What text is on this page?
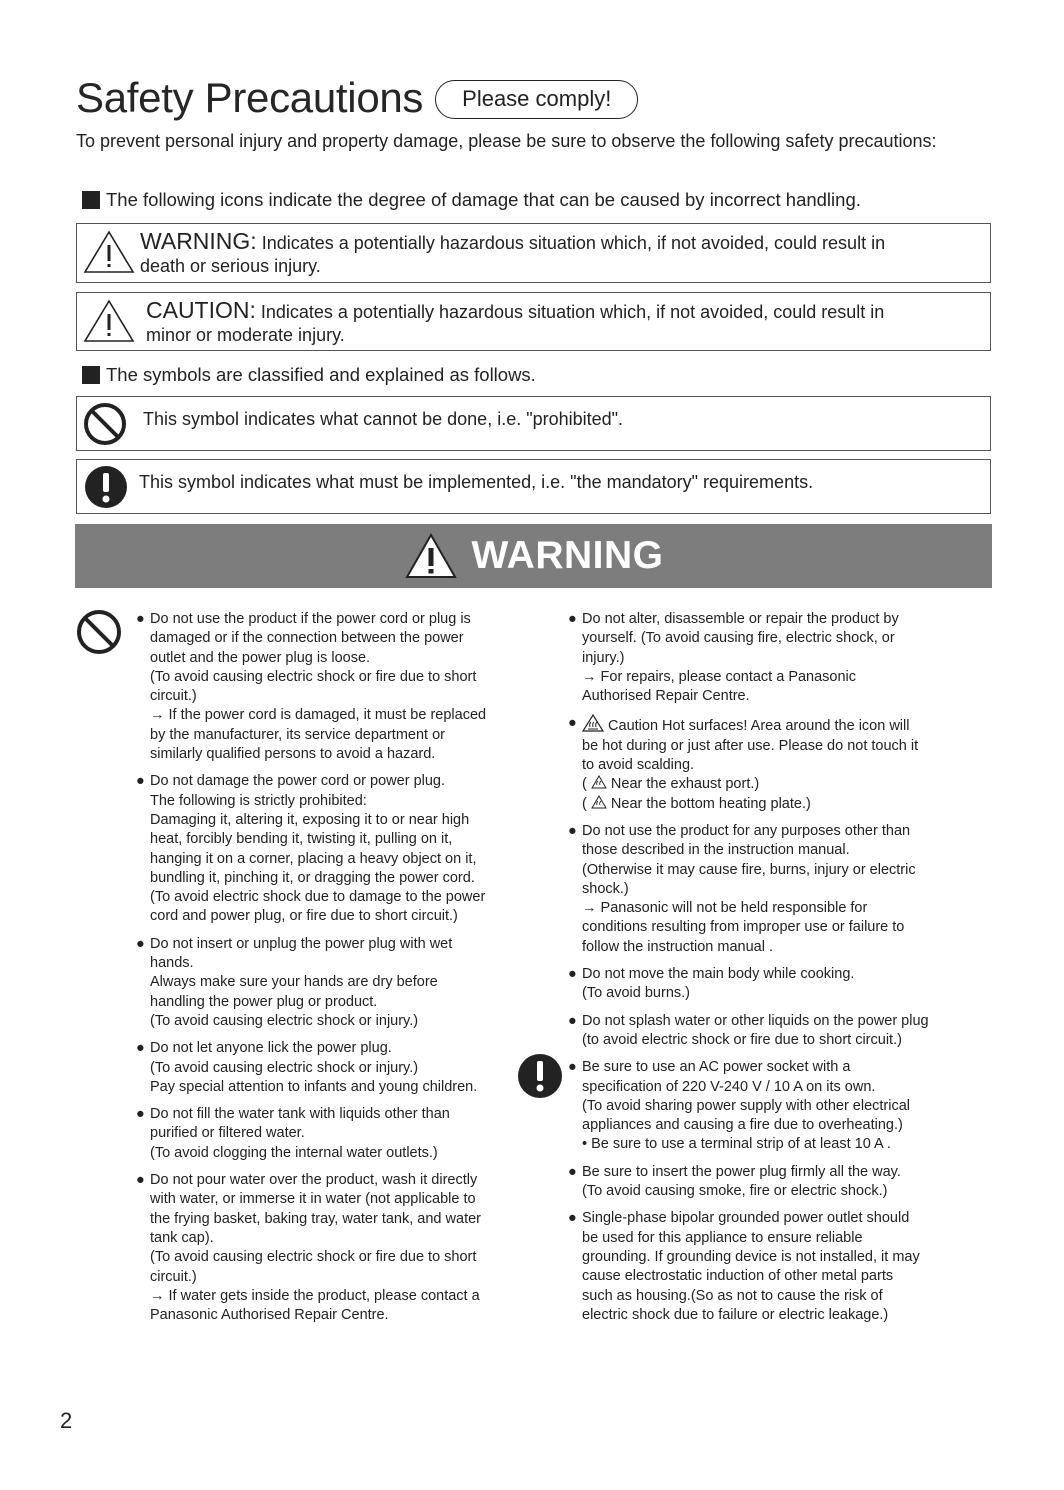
Safety Precautions	Please comply!
To prevent personal injury and property damage, please be sure to observe the following safety precautions:
The following icons indicate the degree of damage that can be caused by incorrect handling.
WARNING: Indicates a potentially hazardous situation which, if not avoided, could result in
death or serious injury.
CAUTION: Indicates a potentially hazardous situation which, if not avoided, could result in
minor or moderate injury.
The symbols are classified and explained as follows.
This symbol indicates what cannot be done, i.e. "prohibited".
This symbol indicates what must be implemented, i.e. "the mandatory" requirements.
WARNING
● Do not use the product if the power cord or plug is
damaged or if the connection between the power
outlet and the power plug is loose.
(To avoid causing electric shock or fire due to short
circuit.)
→ If the power cord is damaged, it must be replaced
by the manufacturer, its service department or
similarly qualified persons to avoid a hazard.
● Do not damage the power cord or power plug.
The following is strictly prohibited:
Damaging it, altering it, exposing it to or near high
heat, forcibly bending it, twisting it, pulling on it,
hanging it on a corner, placing a heavy object on it,
bundling it, pinching it, or dragging the power cord.
(To avoid electric shock due to damage to the power
cord and power plug, or fire due to short circuit.)
● Do not insert or unplug the power plug with wet
hands.
Always make sure your hands are dry before
handling the power plug or product.
(To avoid causing electric shock or injury.)
● Do not let anyone lick the power plug.
(To avoid causing electric shock or injury.)
Pay special attention to infants and young children.
● Do not fill the water tank with liquids other than
purified or filtered water.
(To avoid clogging the internal water outlets.)
● Do not pour water over the product, wash it directly
with water, or immerse it in water (not applicable to
the frying basket, baking tray, water tank, and water
tank cap).
(To avoid causing electric shock or fire due to short
circuit.)
→ If water gets inside the product, please contact a
Panasonic Authorised Repair Centre.
● Do not alter, disassemble or repair the product by
yourself. (To avoid causing fire, electric shock, or
injury.)
→ For repairs, please contact a Panasonic
Authorised Repair Centre.
●	Caution Hot surfaces! Area around the icon will
be hot during or just after use. Please do not touch it
to avoid scalding.
(  Near the exhaust port.)
(  Near the bottom heating plate.)
● Do not use the product for any purposes other than
those described in the instruction manual.
(Otherwise it may cause fire, burns, injury or electric
shock.)
→ Panasonic will not be held responsible for
conditions resulting from improper use or failure to
follow the instruction manual .
● Do not move the main body while cooking.
(To avoid burns.)
● Do not splash water or other liquids on the power plug
(to avoid electric shock or fire due to short circuit.)
● Be sure to use an AC power socket with a
specification of 220 V-240 V / 10 A on its own.
(To avoid sharing power supply with other electrical
appliances and causing a fire due to overheating.)
• Be sure to use a terminal strip of at least 10 A .
● Be sure to insert the power plug firmly all the way.
(To avoid causing smoke, fire or electric shock.)
● Single-phase bipolar grounded power outlet should
be used for this appliance to ensure reliable
grounding. If grounding device is not installed, it may
cause electrostatic induction of other metal parts
such as housing.(So as not to cause the risk of
electric shock due to failure or electric leakage.)
2
